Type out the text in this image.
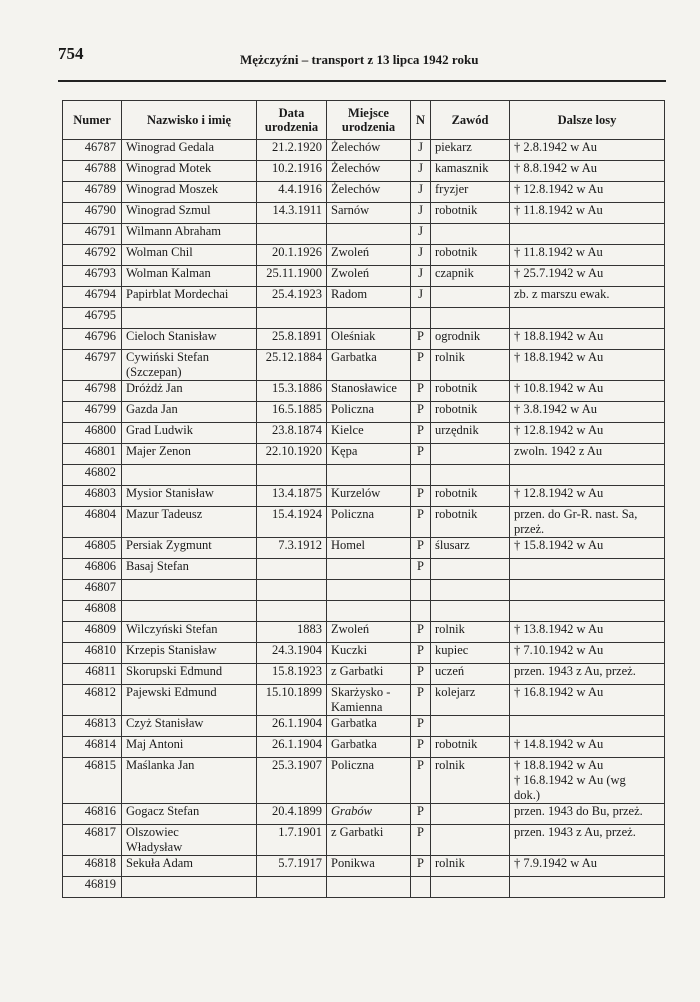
754	Mężczyźni – transport z 13 lipca 1942 roku
Numer	Nazwisko i imię	Data
urodzenia	Miejsce
urodzenia	N	Zawód	Dalsze losy

46787	Winograd Gedala	21.2.1920	Żelechów	J	piekarz	† 2.8.1942 w Au

46788	Winograd Motek	10.2.1916	Żelechów	J	kamasznik	† 8.8.1942 w Au

46789	Winograd Moszek	4.4.1916	Żelechów	J	fryzjer	† 12.8.1942 w Au

46790	Winograd Szmul	14.3.1911	Sarnów	J	robotnik	† 11.8.1942 w Au

46791	Wilmann Abraham			J		

46792	Wolman Chil	20.1.1926	Zwoleń	J	robotnik	† 11.8.1942 w Au

46793	Wolman Kalman	25.11.1900	Zwoleń	J	czapnik	† 25.7.1942 w Au

46794	Papirblat Mordechai	25.4.1923	Radom	J		zb. z marszu ewak.

46795	

46796	Cieloch Stanisław	25.8.1891	Oleśniak	P	ogrodnik	† 18.8.1942 w Au

46797	Cywiński Stefan
(Szczepan)	25.12.1884	Garbatka	P	rolnik	† 18.8.1942 w Au

46798	Dróżdż Jan	15.3.1886	Stanosławice	P	robotnik	† 10.8.1942 w Au

46799	Gazda Jan	16.5.1885	Policzna	P	robotnik	† 3.8.1942 w Au

46800	Grad Ludwik	23.8.1874	Kielce	P	urzędnik	† 12.8.1942 w Au

46801	Majer Zenon	22.10.1920	Kępa	P		zwoln. 1942 z Au

46802	

46803	Mysior Stanisław	13.4.1875	Kurzelów	P	robotnik	† 12.8.1942 w Au

46804	Mazur Tadeusz	15.4.1924	Policzna	P	robotnik	przen. do Gr-R. nast. Sa,
przeż.

46805	Persiak Zygmunt	7.3.1912	Homel	P	ślusarz	† 15.8.1942 w Au

46806	Basaj Stefan			P		

46807	

46808	

46809	Wilczyński Stefan	1883	Zwoleń	P	rolnik	† 13.8.1942 w Au

46810	Krzepis Stanisław	24.3.1904	Kuczki	P	kupiec	† 7.10.1942 w Au

46811	Skorupski Edmund	15.8.1923	z Garbatki	P	uczeń	przen. 1943 z Au, przeż.

46812	Pajewski Edmund	15.10.1899	Skarżysko -
Kamienna	P	kolejarz	† 16.8.1942 w Au

46813	Czyż Stanisław	26.1.1904	Garbatka	P		

46814	Maj Antoni	26.1.1904	Garbatka	P	robotnik	† 14.8.1942 w Au

46815	Maślanka Jan	25.3.1907	Policzna	P	rolnik	† 18.8.1942 w Au
† 16.8.1942 w Au (wg
dok.)

46816	Gogacz Stefan	20.4.1899	Grabów	P		przen. 1943 do Bu, przeż.

46817	Olszowiec
Władysław	1.7.1901	z Garbatki	P		przen. 1943 z Au, przeż.

46818	Sekuła Adam	5.7.1917	Ponikwa	P	rolnik	† 7.9.1942 w Au

46819	
